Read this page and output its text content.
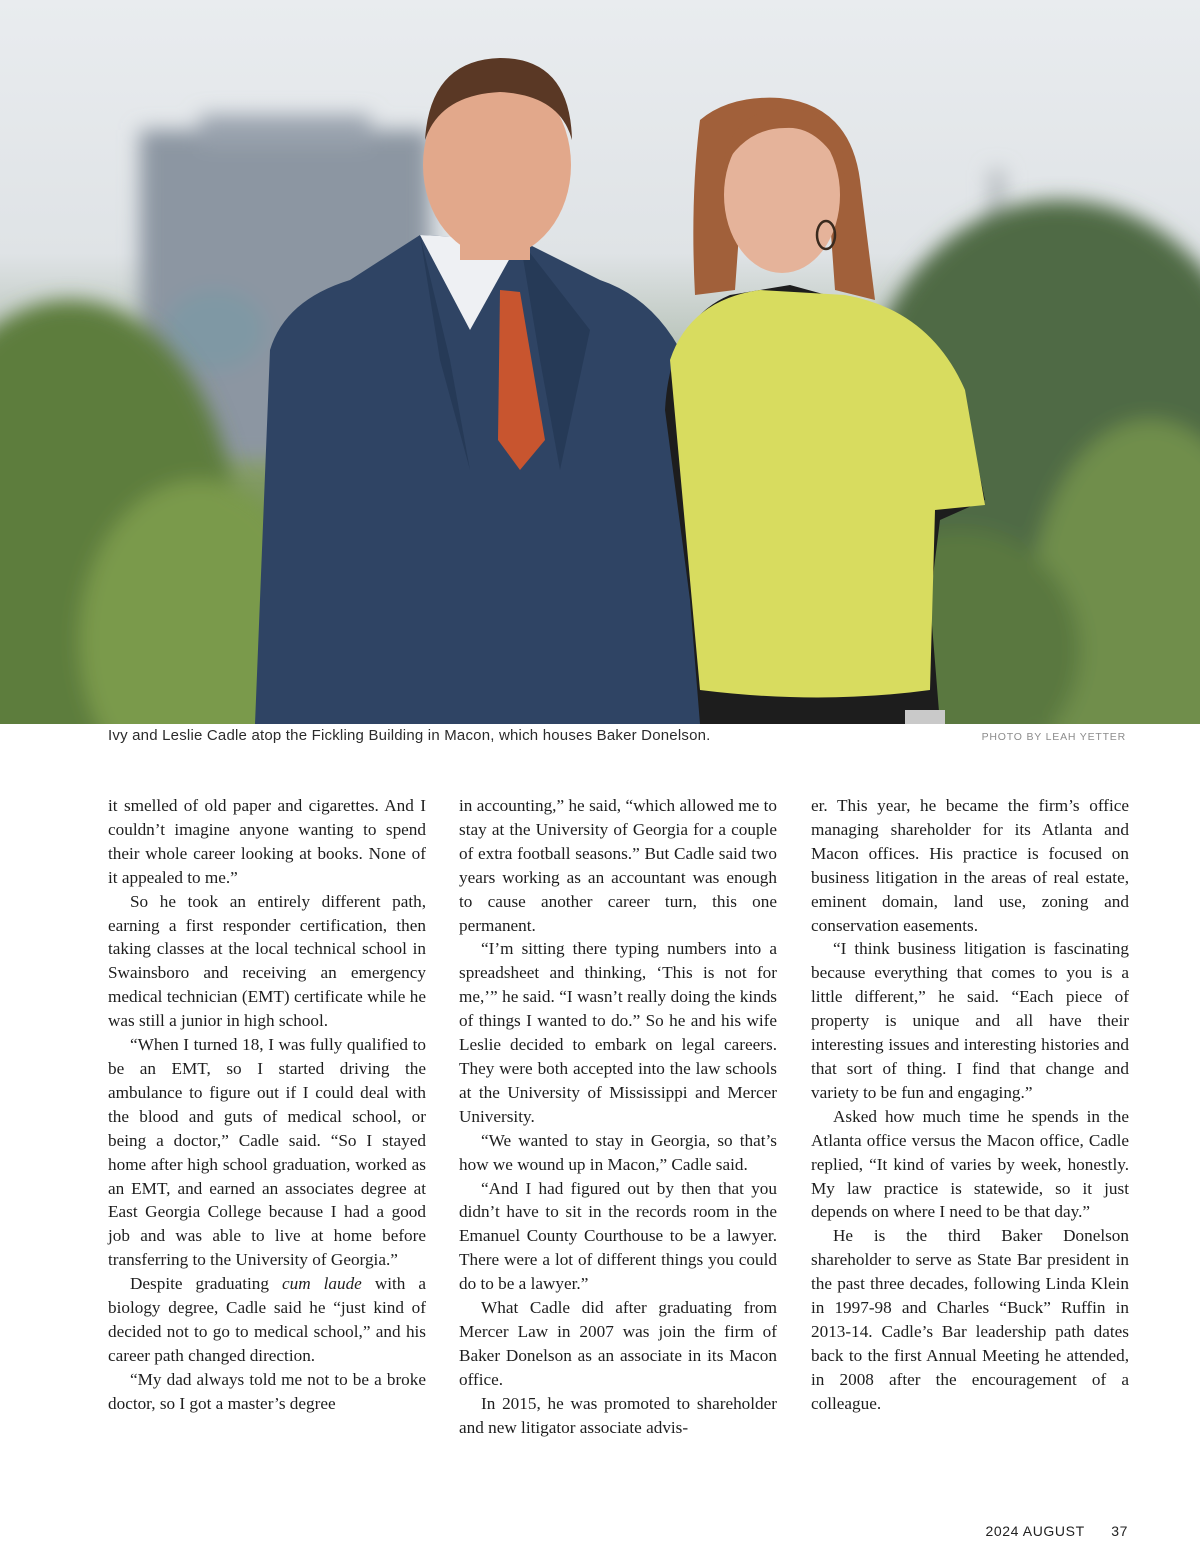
Ivy and Leslie Cadle atop the Fickling Building in Macon, which houses Baker Donelson.	PHOTO BY LEAH YETTER

it smelled of old paper and cigarettes. And I couldn’t imagine anyone wanting to spend their whole career looking at books. None of it appealed to me.”

So he took an entirely different path, earning a first responder certification, then taking classes at the local technical school in Swainsboro and receiving an emergency medical technician (EMT) certificate while he was still a junior in high school.

“When I turned 18, I was fully qualified to be an EMT, so I started driving the ambulance to figure out if I could deal with the blood and guts of medical school, or being a doctor,” Cadle said. “So I stayed home after high school graduation, worked as an EMT, and earned an associates degree at East Georgia College because I had a good job and was able to live at home before transferring to the University of Georgia.”

Despite graduating cum laude with a biology degree, Cadle said he “just kind of decided not to go to medical school,” and his career path changed direction.

“My dad always told me not to be a broke doctor, so I got a master’s degree

in accounting,” he said, “which allowed me to stay at the University of Georgia for a couple of extra football seasons.” But Cadle said two years working as an accountant was enough to cause another career turn, this one permanent.

“I’m sitting there typing numbers into a spreadsheet and thinking, ‘This is not for me,’” he said. “I wasn’t really doing the kinds of things I wanted to do.” So he and his wife Leslie decided to embark on legal careers. They were both accepted into the law schools at the University of Mississippi and Mercer University.

“We wanted to stay in Georgia, so that’s how we wound up in Macon,” Cadle said.

“And I had figured out by then that you didn’t have to sit in the records room in the Emanuel County Courthouse to be a lawyer. There were a lot of different things you could do to be a lawyer.”

What Cadle did after graduating from Mercer Law in 2007 was join the firm of Baker Donelson as an associate in its Macon office.

In 2015, he was promoted to shareholder and new litigator associate advis-

er. This year, he became the firm’s office managing shareholder for its Atlanta and Macon offices. His practice is focused on business litigation in the areas of real estate, eminent domain, land use, zoning and conservation easements.

“I think business litigation is fascinating because everything that comes to you is a little different,” he said. “Each piece of property is unique and all have their interesting issues and interesting histories and that sort of thing. I find that change and variety to be fun and engaging.”

Asked how much time he spends in the Atlanta office versus the Macon office, Cadle replied, “It kind of varies by week, honestly. My law practice is statewide, so it just depends on where I need to be that day.”

He is the third Baker Donelson shareholder to serve as State Bar president in the past three decades, following Linda Klein in 1997-98 and Charles “Buck” Ruffin in 2013-14. Cadle’s Bar leadership path dates back to the first Annual Meeting he attended, in 2008 after the encouragement of a colleague.

2024 AUGUST 37
